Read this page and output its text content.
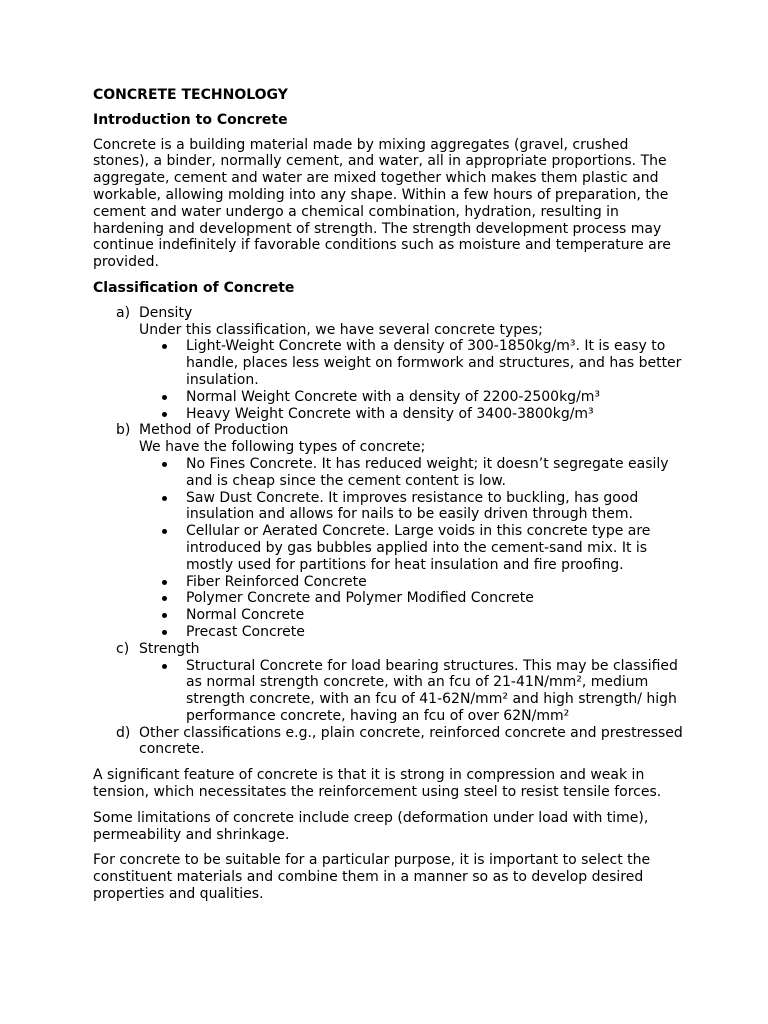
CONCRETE TECHNOLOGY
Introduction to Concrete

Concrete is a building material made by mixing aggregates (gravel, crushed stones), a binder, normally cement, and water, all in appropriate proportions. The aggregate, cement and water are mixed together which makes them plastic and workable, allowing molding into any shape. Within a few hours of preparation, the cement and water undergo a chemical combination, hydration, resulting in hardening and development of strength. The strength development process may continue indefinitely if favorable conditions such as moisture and temperature are provided.

Classification of Concrete
a) Density
Under this classification, we have several concrete types;
Light-Weight Concrete with a density of 300-1850kg/m³. It is easy to handle, places less weight on formwork and structures, and has better insulation.
Normal Weight Concrete with a density of 2200-2500kg/m³
Heavy Weight Concrete with a density of 3400-3800kg/m³
b) Method of Production
We have the following types of concrete;
No Fines Concrete. It has reduced weight; it doesn’t segregate easily and is cheap since the cement content is low.
Saw Dust Concrete. It improves resistance to buckling, has good insulation and allows for nails to be easily driven through them.
Cellular or Aerated Concrete. Large voids in this concrete type are introduced by gas bubbles applied into the cement-sand mix. It is mostly used for partitions for heat insulation and fire proofing.
Fiber Reinforced Concrete
Polymer Concrete and Polymer Modified Concrete
Normal Concrete
Precast Concrete
c) Strength
Structural Concrete for load bearing structures. This may be classified as normal strength concrete, with an fcu of 21-41N/mm², medium strength concrete, with an fcu of 41-62N/mm² and high strength/ high performance concrete, having an fcu of over 62N/mm²
d) Other classifications e.g., plain concrete, reinforced concrete and prestressed concrete.

A significant feature of concrete is that it is strong in compression and weak in tension, which necessitates the reinforcement using steel to resist tensile forces.

Some limitations of concrete include creep (deformation under load with time), permeability and shrinkage.

For concrete to be suitable for a particular purpose, it is important to select the constituent materials and combine them in a manner so as to develop desired properties and qualities.
